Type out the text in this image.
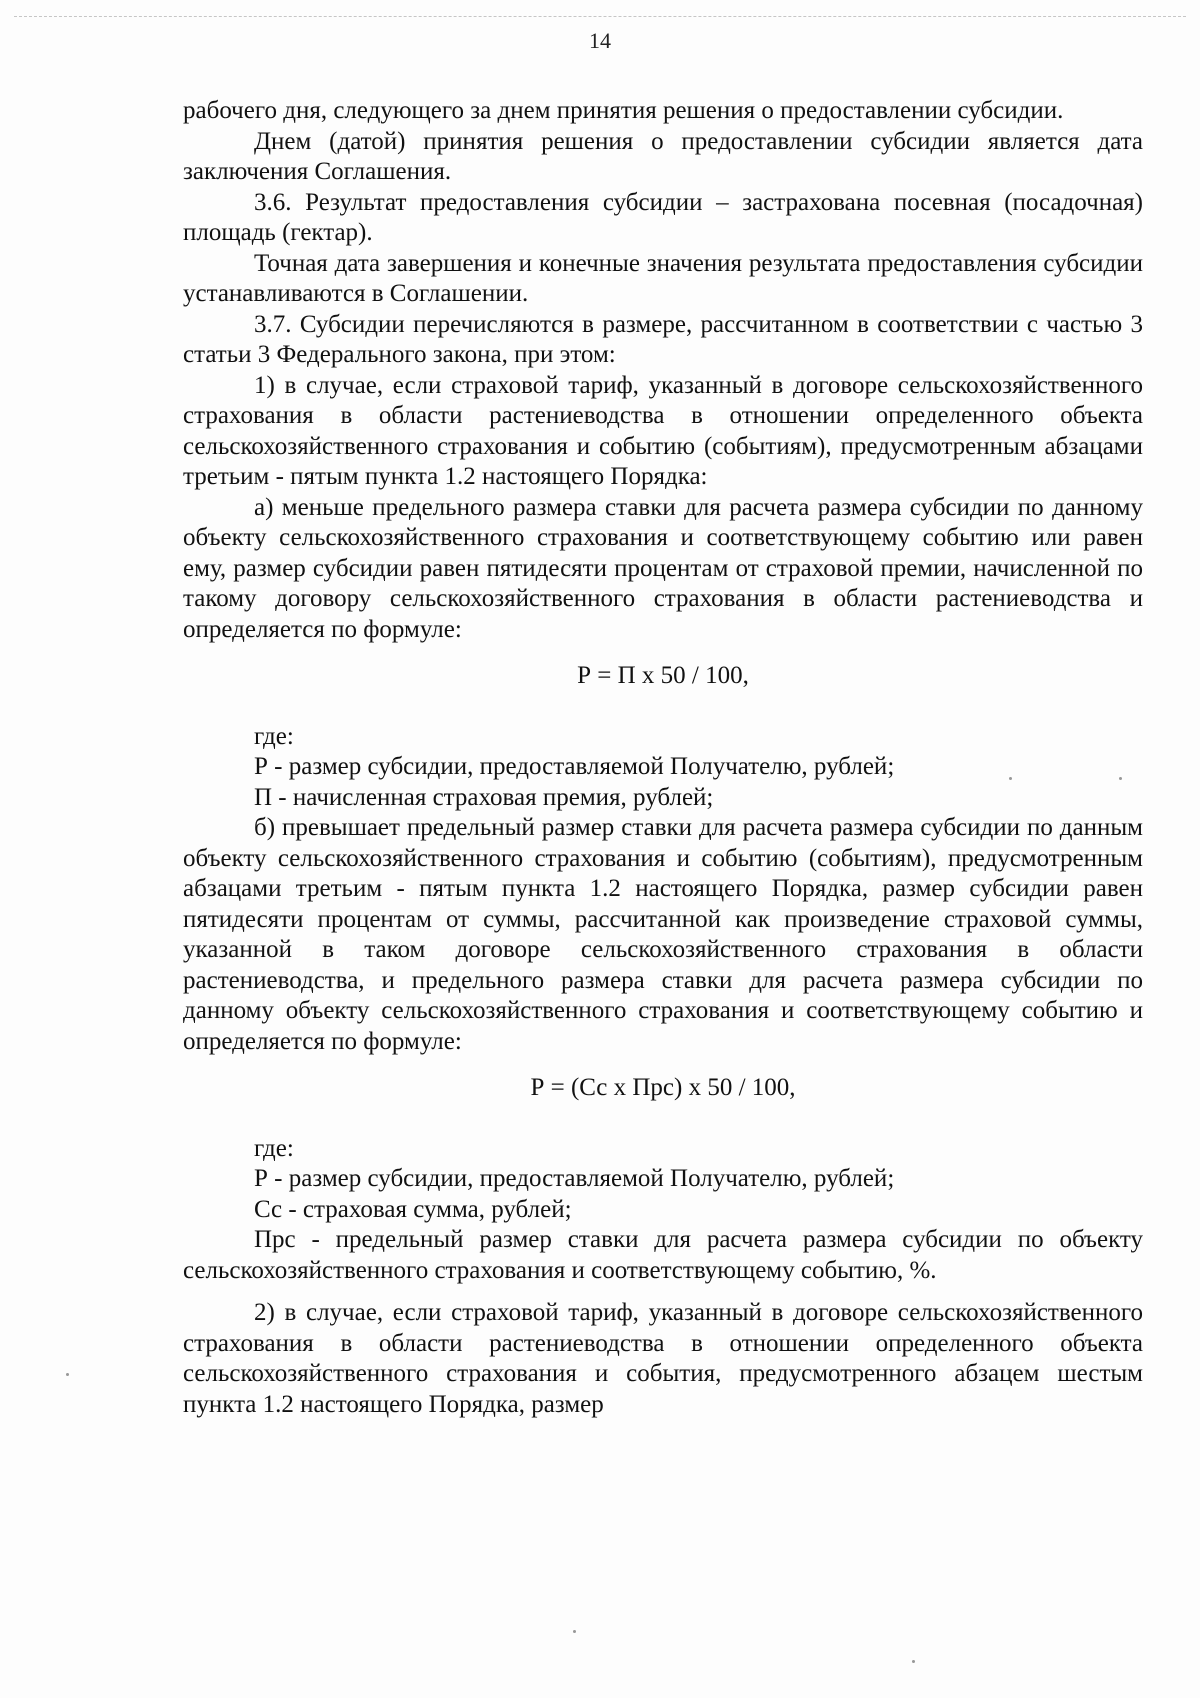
14

рабочего дня, следующего за днем принятия решения о предоставлении субсидии.

Днем (датой) принятия решения о предоставлении субсидии является дата заключения Соглашения.

3.6. Результат предоставления субсидии – застрахована посевная (посадочная) площадь (гектар).

Точная дата завершения и конечные значения результата предоставления субсидии устанавливаются в Соглашении.

3.7. Субсидии перечисляются в размере, рассчитанном в соответствии с частью 3 статьи 3 Федерального закона, при этом:

1) в случае, если страховой тариф, указанный в договоре сельскохозяйственного страхования в области растениеводства в отношении определенного объекта сельскохозяйственного страхования и событию (событиям), предусмотренным абзацами третьим - пятым пункта 1.2 настоящего Порядка:

а) меньше предельного размера ставки для расчета размера субсидии по данному объекту сельскохозяйственного страхования и соответствующему событию или равен ему, размер субсидии равен пятидесяти процентам от страховой премии, начисленной по такому договору сельскохозяйственного страхования в области растениеводства и определяется по формуле:

Р = П х 50 / 100,

где:

Р - размер субсидии, предоставляемой Получателю, рублей;

П - начисленная страховая премия, рублей;

б) превышает предельный размер ставки для расчета размера субсидии по данным объекту сельскохозяйственного страхования и событию (событиям), предусмотренным абзацами третьим - пятым пункта 1.2 настоящего Порядка, размер субсидии равен пятидесяти процентам от суммы, рассчитанной как произведение страховой суммы, указанной в таком договоре сельскохозяйственного страхования в области растениеводства, и предельного размера ставки для расчета размера субсидии по данному объекту сельскохозяйственного страхования и соответствующему событию и определяется по формуле:

Р = (Сс х Прс) х 50 / 100,

где:

Р - размер субсидии, предоставляемой Получателю, рублей;

Сс - страховая сумма, рублей;

Прс - предельный размер ставки для расчета размера субсидии по объекту сельскохозяйственного страхования и соответствующему событию, %.

2) в случае, если страховой тариф, указанный в договоре сельскохозяйственного страхования в области растениеводства в отношении определенного объекта сельскохозяйственного страхования и события, предусмотренного абзацем шестым пункта 1.2 настоящего Порядка, размер
